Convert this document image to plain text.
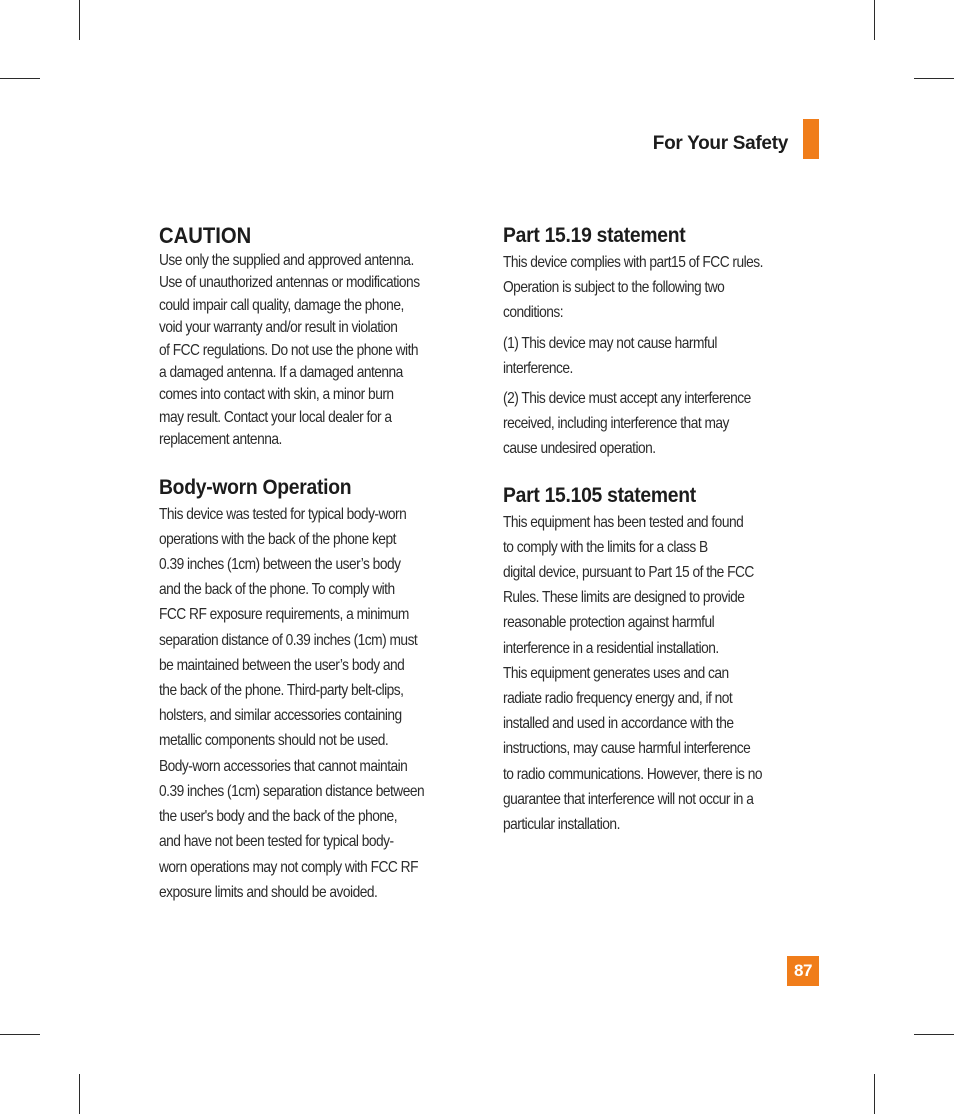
For Your Safety
CAUTION

Use only the supplied and approved antenna.
Use of unauthorized antennas or modifications
could impair call quality, damage the phone,
void your warranty and/or result in violation
of FCC regulations. Do not use the phone with
a damaged antenna. If a damaged antenna
comes into contact with skin, a minor burn
may result. Contact your local dealer for a
replacement antenna.

Body-worn Operation

This device was tested for typical body-worn
operations with the back of the phone kept
0.39 inches (1cm) between the user’s body
and the back of the phone. To comply with
FCC RF exposure requirements, a minimum
separation distance of 0.39 inches (1cm) must
be maintained between the user’s body and
the back of the phone. Third-party belt-clips,
holsters, and similar accessories containing
metallic components should not be used.
Body-worn accessories that cannot maintain
0.39 inches (1cm) separation distance between
the user's body and the back of the phone,
and have not been tested for typical body-
worn operations may not comply with FCC RF
exposure limits and should be avoided.

Part 15.19 statement

This device complies with part15 of FCC rules.
Operation is subject to the following two
conditions:

(1) This device may not cause harmful
interference.

(2) This device must accept any interference
received, including interference that may
cause undesired operation.

Part 15.105 statement

This equipment has been tested and found
to comply with the limits for a class B
digital device, pursuant to Part 15 of the FCC
Rules. These limits are designed to provide
reasonable protection against harmful
interference in a residential installation.
This equipment generates uses and can
radiate radio frequency energy and, if not
installed and used in accordance with the
instructions, may cause harmful interference
to radio communications. However, there is no
guarantee that interference will not occur in a
particular installation.

87
